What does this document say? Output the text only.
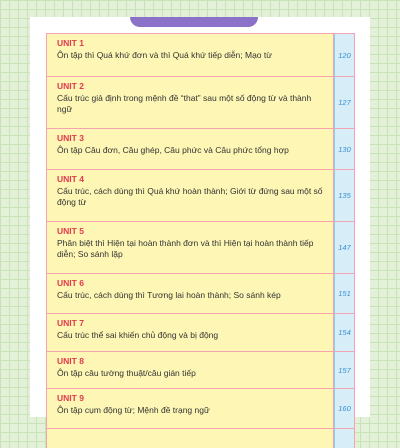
UNIT 1
Ôn tập thì Quá khứ đơn và thì Quá khứ tiếp diễn; Mạo từ	120
UNIT 2
Cấu trúc giả định trong mệnh đề “that” sau một số động từ và thành ngữ
127
UNIT 3
Ôn tập Câu đơn, Câu ghép, Câu phức và Câu phức tổng hợp	130
UNIT 4
Cấu trúc, cách dùng thì Quá khứ hoàn thành; Giới từ đứng sau một số động từ
135
UNIT 5
Phân biệt thì Hiện tại hoàn thành đơn và thì Hiện tại hoàn thành tiếp diễn; So sánh lặp
147
UNIT 6
Cấu trúc, cách dùng thì Tương lai hoàn thành; So sánh kép	151
UNIT 7
Cấu trúc thể sai khiến chủ động và bị động	154
UNIT 8
Ôn tập câu tường thuật/câu gián tiếp	157
UNIT 9
Ôn tập cụm động từ; Mệnh đề trạng ngữ	160
